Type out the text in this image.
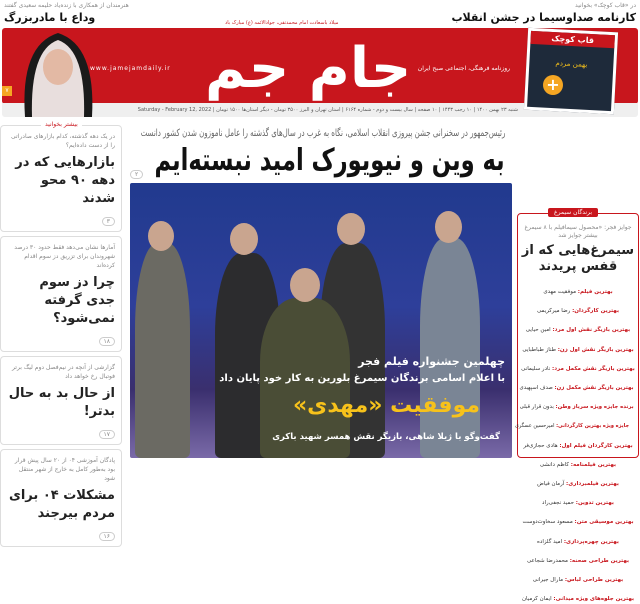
در «قاب کوچک» بخوانید
کارنامه صداوسیما در جشن انقلاب
هنرمندان از همکاری با زنده‌یاد حلیمه سعیدی گفتند
وداع با مادربزرگ	میلاد باسعادت امام محمدتقی، جوادالائمه (ع) مبارک باد
جام جم روزنامه فرهنگی، اجتماعی صبح ایران
www.jamejamdaily.ir
شنبه ۲۳ بهمن ۱۴۰۰ | ۱۰ رجب ۱۴۴۳ | ۱۰ صفحه | سال بیست و دوم - شماره ۶۱۶۴ | استان تهران و البرز ۳۵۰۰ تومان - دیگر استان‌ها ۱۵۰۰ تومان | Saturday - February 12, 2022
۷
قاب کوچک
بهمن مردم
+
رئیس‌جمهور در سخنرانی جشن پیروزی انقلاب اسلامی، نگاه به غرب در سال‌های گذشته را عامل ناموزون شدن کشور دانست
به وین و نیویورک امید نبسته‌ایم
۲
چهلمین جشنواره فیلم فجر
با اعلام اسامی برندگان سیمرغ بلورین به کار خود پایان داد
موفقیت «مهدی»
گفت‌وگو با ژیلا شاهی، بازیگر نقش همسر شهید باکری
بیشتر بخوانید
در یک دهه گذشته، کدام بازارهای صادراتی را از دست داده‌ایم؟
بازارهایی که در دهه ۹۰ محو شدند
۳
آمارها نشان می‌دهد فقط حدود ۳۰ درصد شهروندان برای تزریق دز سوم اقدام کرده‌اند
چرا دز سوم جدی گرفته نمی‌شود؟
۱۸
گزارشی از آنچه در نیم‌فصل دوم لیگ برتر فوتبال رخ خواهد داد
از حال بد به حال بدتر!
۱۷
پادگان آموزشی ۰۴ از ۲۰ سال پیش قرار بود به‌طور کامل به خارج از شهر منتقل شود
مشکلات ۰۴ برای مردم بیرجند
۱۶
برندگان سیمرغ
جوایز فجر: «محصول سیمافیلم با ۸ سیمرغ بیشتر جوایز شد
سیمرغ‌هایی که از قفس پریدند
بهترین فیلم: موفقیت مهدی
بهترین کارگردان: رضا میرکریمی
بهترین بازیگر نقش اول مرد: امین حیایی
بهترین بازیگر نقش اول زن: طناز طباطبایی
بهترین بازیگر نقش مکمل مرد: نادر سلیمانی
بهترین بازیگر نقش مکمل زن: صدف اسپهبدی
برنده جایزه ویژه سرباز وطن: بدون قرار قبلی
جایزه ویژه بهترین کارگردانی: امیرحسین عسگری
بهترین کارگردان فیلم اول: هادی حجازی‌فر
بهترین فیلمنامه: کاظم دانشی
بهترین فیلمبرداری: آرمان فیاض
بهترین تدوین: حمید نجفی‌راد
بهترین موسیقی متن: مسعود سخاوت‌دوست
بهترین چهره‌پردازی: امید گلزاده
بهترین طراحی صحنه: محمدرضا شجاعی
بهترین طراحی لباس: مارال جیرانی
بهترین جلوه‌های ویژه میدانی: ایمان کرمیان
